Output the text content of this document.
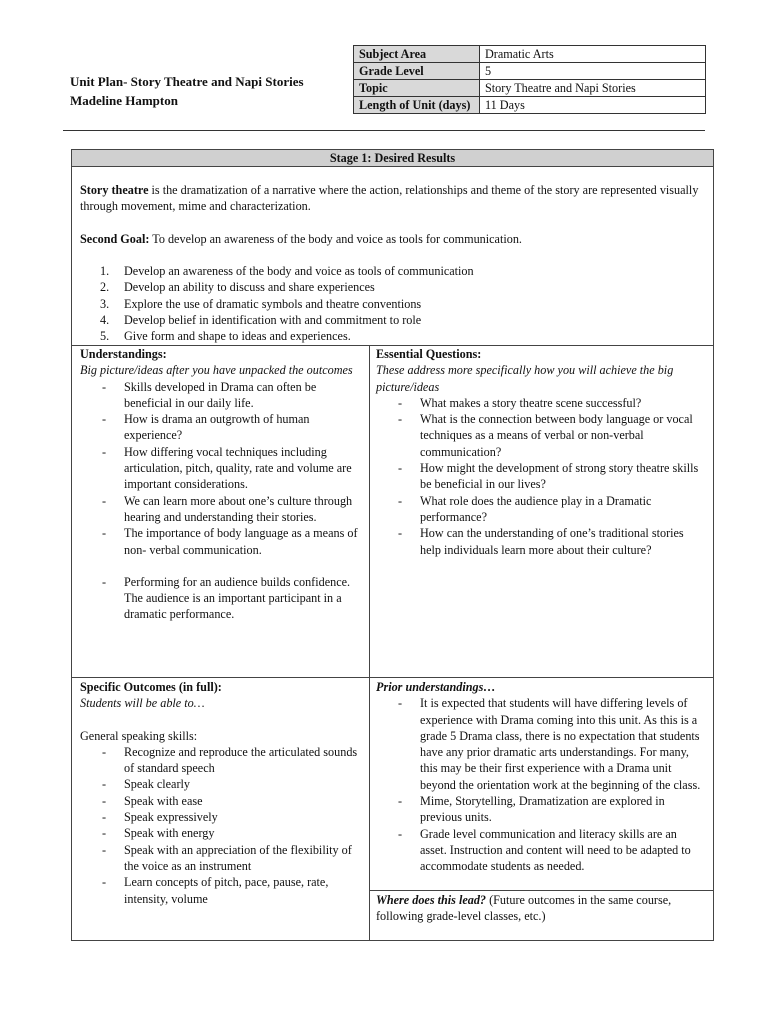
Unit Plan- Story Theatre and Napi Stories
Madeline Hampton
Subject Area	Dramatic Arts
Grade Level	5
Topic	Story Theatre and Napi Stories
Length of Unit (days)	11 Days
Stage 1: Desired Results

Story theatre is the dramatization of a narrative where the action, relationships and theme of the story are represented visually through movement, mime and characterization.

Second Goal: To develop an awareness of the body and voice as tools for communication.
1. Develop an awareness of the body and voice as tools of communication
2. Develop an ability to discuss and share experiences
3. Explore the use of dramatic symbols and theatre conventions
4. Develop belief in identification with and commitment to role
5. Give form and shape to ideas and experiences.
Understandings:
Big picture/ideas after you have unpacked the outcomes
- Skills developed in Drama can often be beneficial in our daily life.
- How is drama an outgrowth of human experience?
- How differing vocal techniques including articulation, pitch, quality, rate and volume are important considerations.
- We can learn more about one’s culture through hearing and understanding their stories.
- The importance of body language as a means of non- verbal communication.
- Performing for an audience builds confidence. The audience is an important participant in a dramatic performance.
Essential Questions:
These address more specifically how you will achieve the big picture/ideas
- What makes a story theatre scene successful?
- What is the connection between body language or vocal techniques as a means of verbal or non-verbal communication?
- How might the development of strong story theatre skills be beneficial in our lives?
- What role does the audience play in a Dramatic performance?
- How can the understanding of one’s traditional stories help individuals learn more about their culture?
Specific Outcomes (in full):
Students will be able to…
General speaking skills:
- Recognize and reproduce the articulated sounds of standard speech
- Speak clearly
- Speak with ease
- Speak expressively
- Speak with energy
- Speak with an appreciation of the flexibility of the voice as an instrument
- Learn concepts of pitch, pace, pause, rate, intensity, volume
Prior understandings…
- It is expected that students will have differing levels of experience with Drama coming into this unit. As this is a grade 5 Drama class, there is no expectation that students have any prior dramatic arts understandings. For many, this may be their first experience with a Drama unit beyond the orientation work at the beginning of the class.
- Mime, Storytelling, Dramatization are explored in previous units.
- Grade level communication and literacy skills are an asset. Instruction and content will need to be adapted to accommodate students as needed.
Where does this lead? (Future outcomes in the same course, following grade-level classes, etc.)
